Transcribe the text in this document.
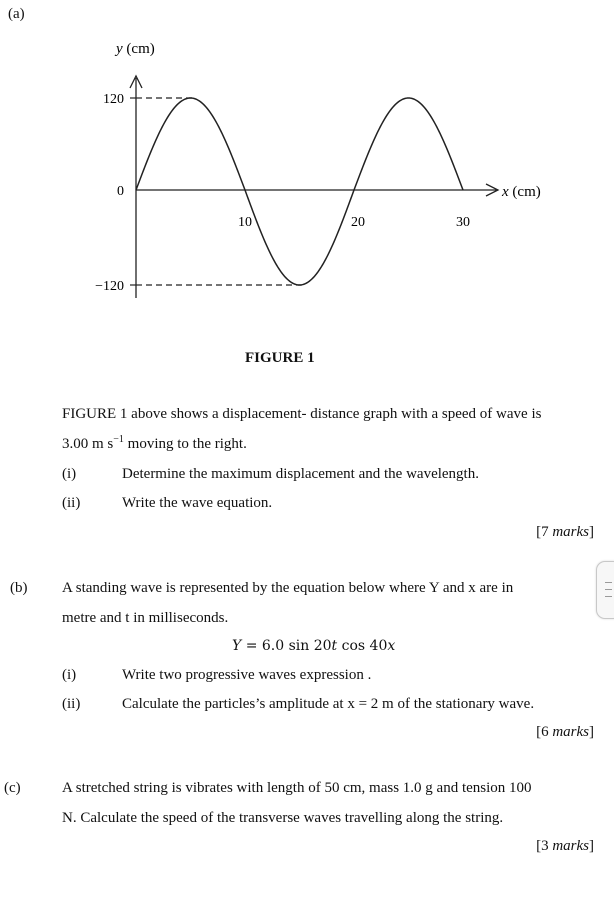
(a)
y (cm)
x (cm)
120
0
−120
10	20	30
FIGURE 1
FIGURE 1 above shows a displacement- distance graph with a speed of wave is
3.00 m $s^{-1}$ moving to the right.
(i)	Determine the maximum displacement and the wavelength.
(ii)	Write the wave equation.
[7 marks]
(b) A standing wave is represented by the equation below where Y and x are in
metre and t in milliseconds.
Y = 6.0 sin 20t cos 40x
(i)	Write two progressive waves expression .
(ii)	Calculate the particles’s amplitude at x = 2 m of the stationary wave.
[6 marks]
(c)	A stretched string is vibrates with length of 50 cm, mass 1.0 g and tension 100
N. Calculate the speed of the transverse waves travelling along the string.
[3 marks]
